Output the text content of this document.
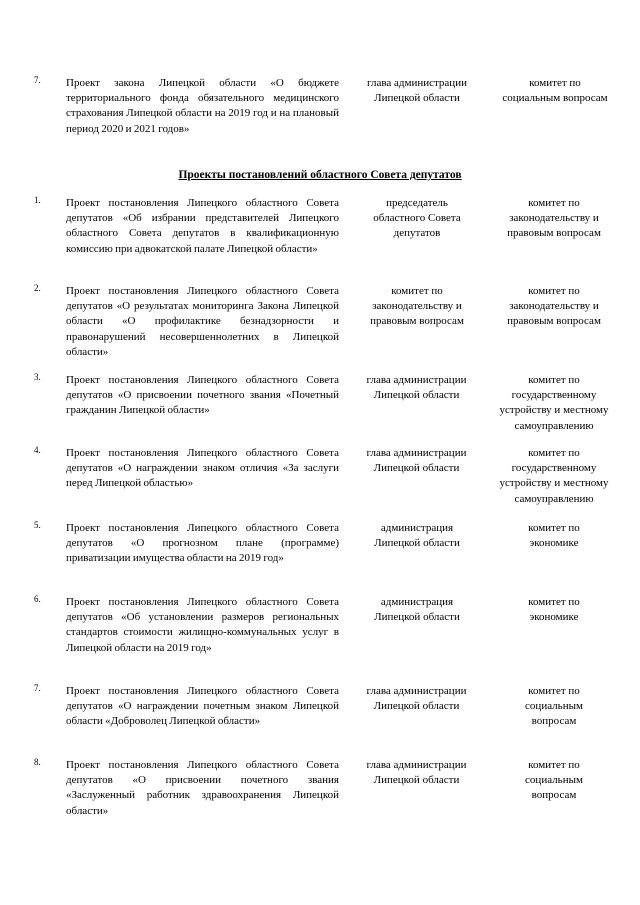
7. Проект закона Липецкой области «О бюджете территориального фонда обязательного медицинского страхования Липецкой области на 2019 год и на плановый период 2020 и 2021 годов»
глава администрации Липецкой области
комитет по социальным вопросам
Проекты постановлений областного Совета депутатов
1. Проект постановления Липецкого областного Совета депутатов «Об избрании представителей Липецкого областного Совета депутатов в квалификационную комиссию при адвокатской палате Липецкой области»
председатель областного Совета депутатов
комитет по законодательству и правовым вопросам
2. Проект постановления Липецкого областного Совета депутатов «О результатах мониторинга Закона Липецкой области «О профилактике безнадзорности и правонарушений несовершеннолетних в Липецкой области»
комитет по законодательству и правовым вопросам
комитет по законодательству и правовым вопросам
3. Проект постановления Липецкого областного Совета депутатов «О присвоении почетного звания «Почетный гражданин Липецкой области»
глава администрации Липецкой области
комитет по государственному устройству и местному самоуправлению
4. Проект постановления Липецкого областного Совета депутатов «О награждении знаком отличия «За заслуги перед Липецкой областью»
глава администрации Липецкой области
комитет по государственному устройству и местному самоуправлению
5. Проект постановления Липецкого областного Совета депутатов «О прогнозном плане (программе) приватизации имущества области на 2019 год»
администрация Липецкой области
комитет по экономике
6. Проект постановления Липецкого областного Совета депутатов «Об установлении размеров региональных стандартов стоимости жилищно-коммунальных услуг в Липецкой области на 2019 год»
администрация Липецкой области
комитет по экономике
7. Проект постановления Липецкого областного Совета депутатов «О награждении почетным знаком Липецкой области «Доброволец Липецкой области»
глава администрации Липецкой области
комитет по социальным вопросам
8. Проект постановления Липецкого областного Совета депутатов «О присвоении почетного звания «Заслуженный работник здравоохранения Липецкой области»
глава администрации Липецкой области
комитет по социальным вопросам
